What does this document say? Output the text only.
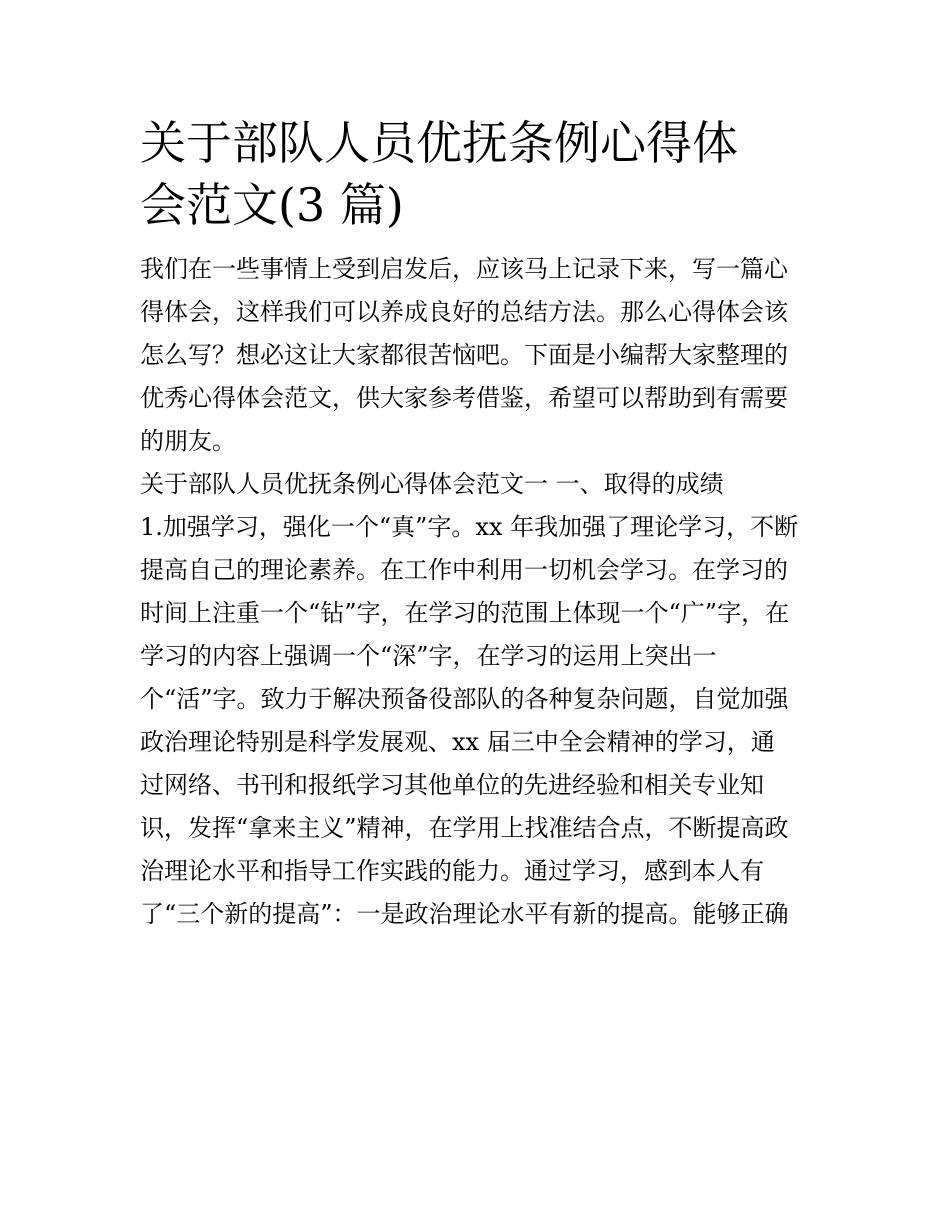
关于部队人员优抚条例心得体
会范文(3 篇)

我们在一些事情上受到启发后，应该马上记录下来，写一篇心
得体会，这样我们可以养成良好的总结方法。那么心得体会该
怎么写？想必这让大家都很苦恼吧。下面是小编帮大家整理的
优秀心得体会范文，供大家参考借鉴，希望可以帮助到有需要
的朋友。

关于部队人员优抚条例心得体会范文一 一、取得的成绩

1.加强学习，强化一个“真”字。xx 年我加强了理论学习，不断
提高自己的理论素养。在工作中利用一切机会学习。在学习的
时间上注重一个“钻”字，在学习的范围上体现一个“广”字，在
学习的内容上强调一个“深”字，在学习的运用上突出一
个“活”字。致力于解决预备役部队的各种复杂问题，自觉加强
政治理论特别是科学发展观、xx 届三中全会精神的学习，通
过网络、书刊和报纸学习其他单位的先进经验和相关专业知
识，发挥“拿来主义”精神，在学用上找准结合点，不断提高政
治理论水平和指导工作实践的能力。通过学习，感到本人有
了“三个新的提高”：一是政治理论水平有新的提高。能够正确
